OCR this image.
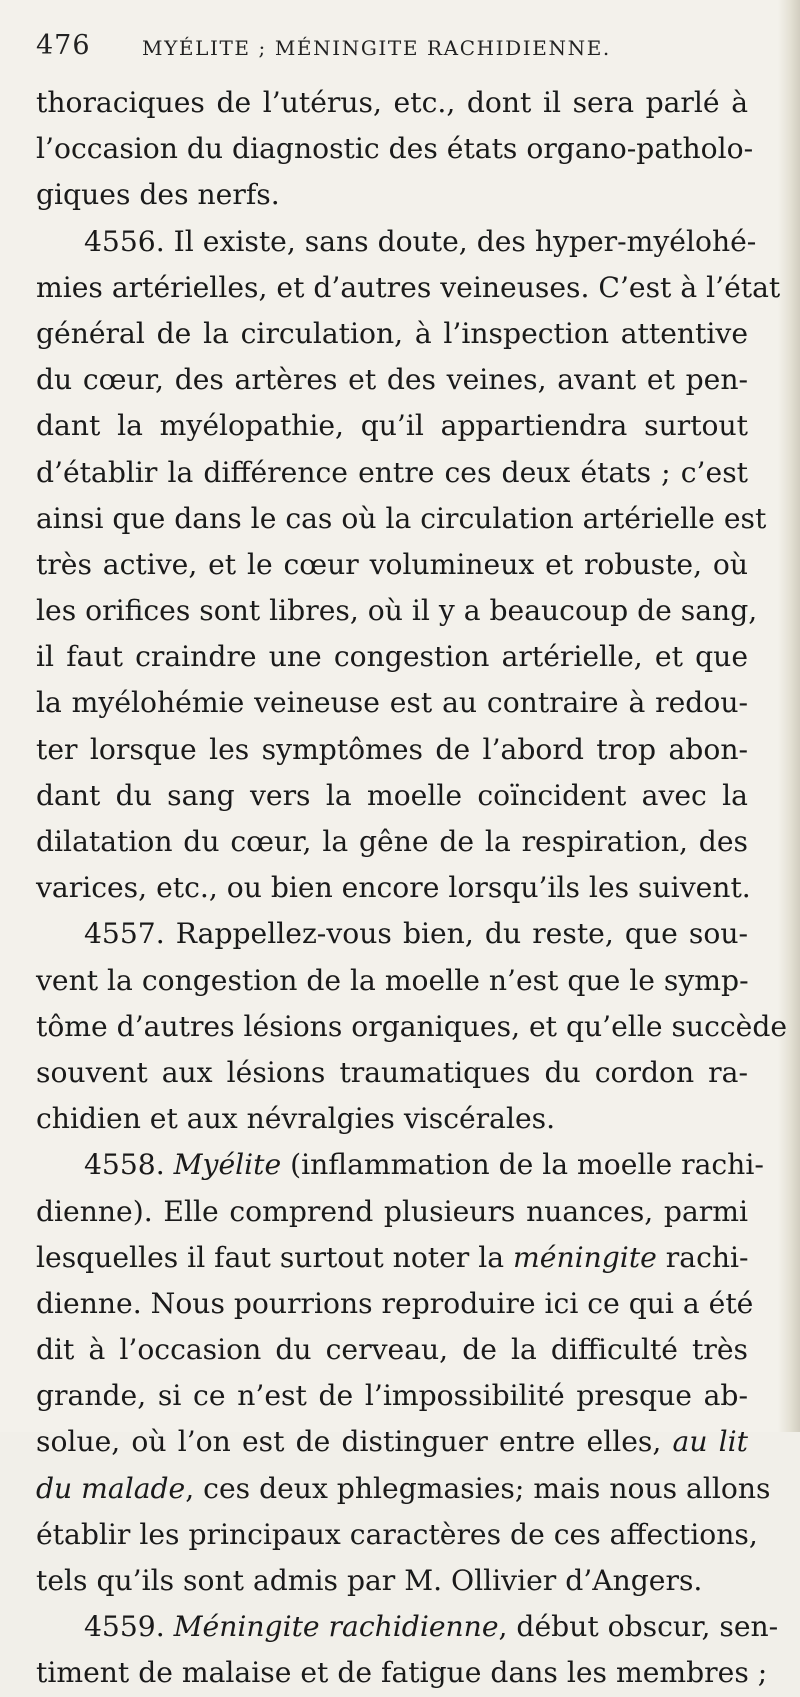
476	MYÉLITE ; MÉNINGITE RACHIDIENNE.
thoraciques de l’utérus, etc., dont il sera parlé à
l’occasion du diagnostic des états organo-patholo-
giques des nerfs.
4556. Il existe, sans doute, des hyper-myélohé-
mies artérielles, et d’autres veineuses. C’est à l’état
général de la circulation, à l’inspection attentive
du cœur, des artères et des veines, avant et pen-
dant la myélopathie, qu’il appartiendra surtout
d’établir la différence entre ces deux états ; c’est
ainsi que dans le cas où la circulation artérielle est
très active, et le cœur volumineux et robuste, où
les orifices sont libres, où il y a beaucoup de sang,
il faut craindre une congestion artérielle, et que
la myélohémie veineuse est au contraire à redou-
ter lorsque les symptômes de l’abord trop abon-
dant du sang vers la moelle coïncident avec la
dilatation du cœur, la gêne de la respiration, des
varices, etc., ou bien encore lorsqu’ils les suivent.
4557. Rappellez-vous bien, du reste, que sou-
vent la congestion de la moelle n’est que le symp-
tôme d’autres lésions organiques, et qu’elle succède
souvent aux lésions traumatiques du cordon ra-
chidien et aux névralgies viscérales.
4558. Myélite (inflammation de la moelle rachi-
dienne). Elle comprend plusieurs nuances, parmi
lesquelles il faut surtout noter la méningite rachi-
dienne. Nous pourrions reproduire ici ce qui a été
dit à l’occasion du cerveau, de la difficulté très
grande, si ce n’est de l’impossibilité presque ab-
solue, où l’on est de distinguer entre elles, au lit
du malade, ces deux phlegmasies; mais nous allons
établir les principaux caractères de ces affections,
tels qu’ils sont admis par M. Ollivier d’Angers.
4559. Méningite rachidienne, début obscur, sen-
timent de malaise et de fatigue dans les membres ;
